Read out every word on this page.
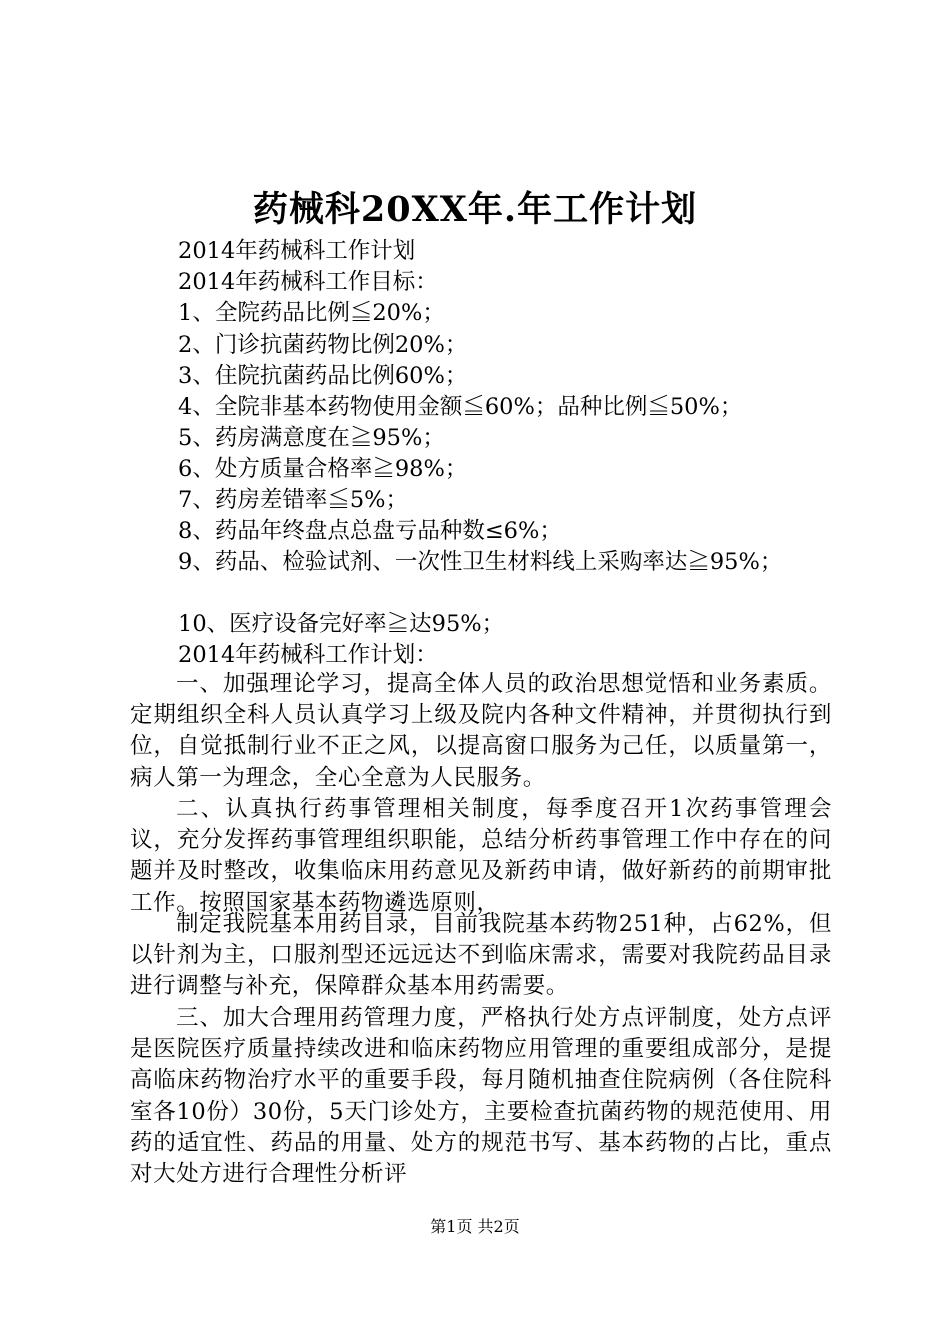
药械科20XX年.年工作计划
2014年药械科工作计划
2014年药械科工作目标：
1、全院药品比例≦20%；
2、门诊抗菌药物比例20%；
3、住院抗菌药品比例60%；
4、全院非基本药物使用金额≦60%；品种比例≦50%；
5、药房满意度在≧95%；
6、处方质量合格率≧98%；
7、药房差错率≦5%；
8、药品年终盘点总盘亏品种数≤6%；
9、药品、检验试剂、一次性卫生材料线上采购率达≧95%；
10、医疗设备完好率≧达95%；
2014年药械科工作计划：
一、加强理论学习，提高全体人员的政治思想觉悟和业务素质。定期组织全科人员认真学习上级及院内各种文件精神，并贯彻执行到位，自觉抵制行业不正之风，以提高窗口服务为己任，以质量第一，病人第一为理念，全心全意为人民服务。
二、认真执行药事管理相关制度，每季度召开1次药事管理会议，充分发挥药事管理组织职能，总结分析药事管理工作中存在的问题并及时整改，收集临床用药意见及新药申请，做好新药的前期审批工作。按照国家基本药物遴选原则，
制定我院基本用药目录，目前我院基本药物251种，占62%，但以针剂为主，口服剂型还远远达不到临床需求，需要对我院药品目录进行调整与补充，保障群众基本用药需要。
三、加大合理用药管理力度，严格执行处方点评制度，处方点评是医院医疗质量持续改进和临床药物应用管理的重要组成部分，是提高临床药物治疗水平的重要手段，每月随机抽查住院病例（各住院科室各10份）30份，5天门诊处方，主要检查抗菌药物的规范使用、用药的适宜性、药品的用量、处方的规范书写、基本药物的占比，重点对大处方进行合理性分析评
第1页 共2页
